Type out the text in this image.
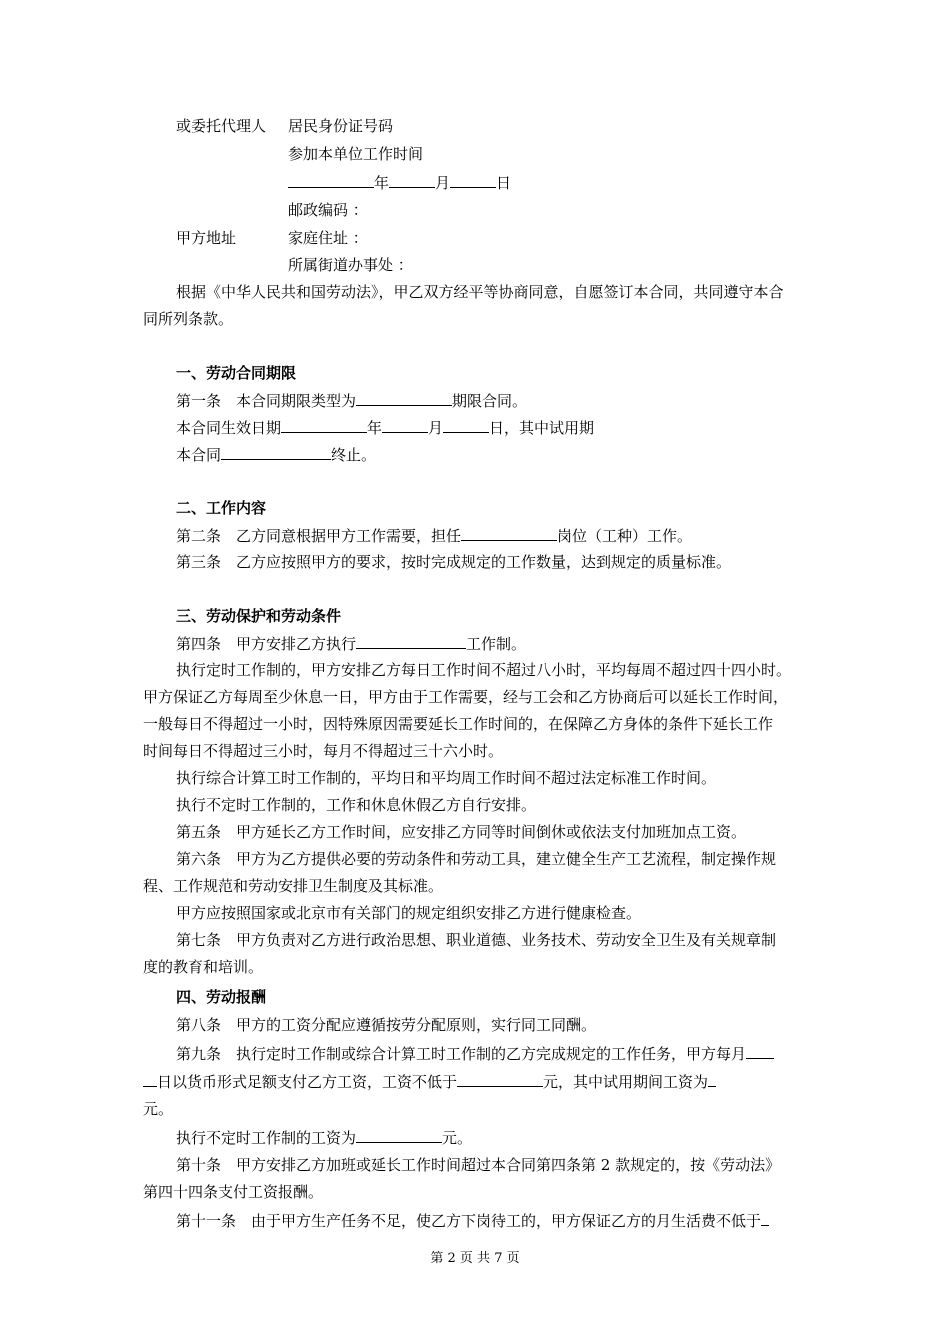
或委托代理人 居民身份证号码
参加本单位工作时间
年	月	日
邮政编码 ：
甲方地址	家庭住址 ：
所属街道办事处 ：
根据《中华人民共和国劳动法》，甲乙双方经平等协商同意，自愿签订本合同，共同遵守本合
同所列条款。
一、劳动合同期限
第一条　本合同期限类型为	期限合同。
本合同生效日期	年	月	日，其中试用期
本合同	终止。
二、工作内容
第二条　乙方同意根据甲方工作需要，担任	岗位（工种）工作。
第三条　乙方应按照甲方的要求，按时完成规定的工作数量，达到规定的质量标准。
三、劳动保护和劳动条件
第四条　甲方安排乙方执行	工作制。
执行定时工作制的，甲方安排乙方每日工作时间不超过八小时，平均每周不超过四十四小时。
甲方保证乙方每周至少休息一日，甲方由于工作需要，经与工会和乙方协商后可以延长工作时间，
一般每日不得超过一小时，因特殊原因需要延长工作时间的，在保障乙方身体的条件下延长工作
时间每日不得超过三小时，每月不得超过三十六小时。
执行综合计算工时工作制的，平均日和平均周工作时间不超过法定标准工作时间。
执行不定时工作制的，工作和休息休假乙方自行安排。
第五条　甲方延长乙方工作时间，应安排乙方同等时间倒休或依法支付加班加点工资。
第六条　甲方为乙方提供必要的劳动条件和劳动工具，建立健全生产工艺流程，制定操作规
程、工作规范和劳动安排卫生制度及其标准。
甲方应按照国家或北京市有关部门的规定组织安排乙方进行健康检查。
第七条　甲方负责对乙方进行政治思想、职业道德、业务技术、劳动安全卫生及有关规章制
度的教育和培训。
四、劳动报酬
第八条　甲方的工资分配应遵循按劳分配原则，实行同工同酬。
第九条　执行定时工作制或综合计算工时工作制的乙方完成规定的工作任务，甲方每月
日以货币形式足额支付乙方工资，工资不低于	元，其中试用期间工资为
元。
执行不定时工作制的工资为	元。
第十条　甲方安排乙方加班或延长工作时间超过本合同第四条第 2 款规定的，按《劳动法》
第四十四条支付工资报酬。
第十一条　由于甲方生产任务不足，使乙方下岗待工的，甲方保证乙方的月生活费不低于
第 2 页 共 7 页
